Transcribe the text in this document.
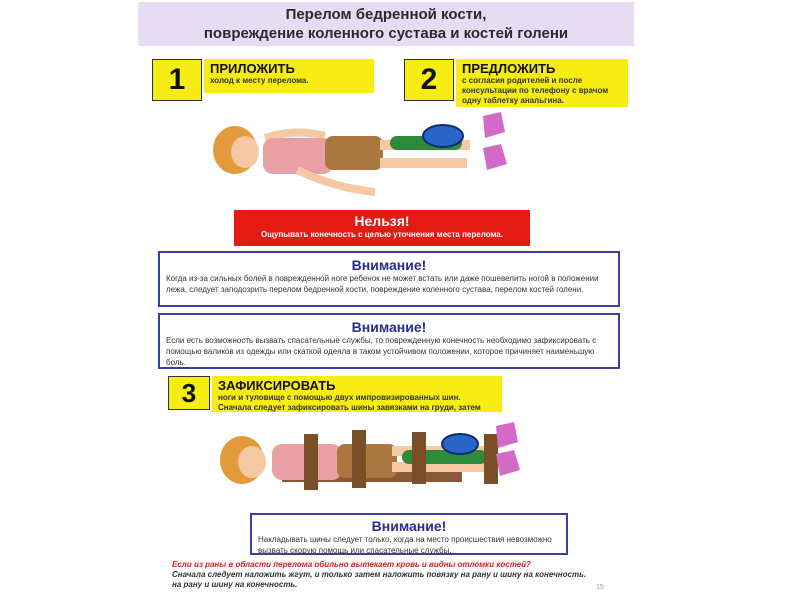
Перелом бедренной кости,
повреждение коленного сустава и костей голени
1	ПРИЛОЖИТЬ
холод к месту перелома.	2	ПРЕДЛОЖИТЬ
с согласия родителей и после консультации по телефону с врачом одну таблетку анальгина.
Нельзя!
Ощупывать конечность с целью уточнения места перелома.
Внимание!
Когда из-за сильных болей в поврежденной ноге ребенок не может встать или даже пошевелить ногой в положении лежа, следует заподозрить перелом бедренной кости, повреждение коленного сустава, перелом костей голени.
Внимание!
Если есть возможность вызвать спасательные службы, то поврежденную конечность необходимо зафиксировать с помощью валиков из одежды или скаткой одеяла в таком устойчивом положении, которое причиняет наименьшую боль.
3	ЗАФИКСИРОВАТЬ
ноги и туловище с помощью двух импровизированных шин.
Сначала следует зафиксировать шины завязками на груди, затем
Внимание!
Накладывать шины следует только, когда на место происшествия невозможно вызвать скорую помощь или спасательные службы.
Если из раны в области перелома обильно вытекает кровь и видны отломки костей?
Сначала следует наложить жгут, и только затем наложить повязку на рану и шину на конечность.
на рану и шину на конечность.	15
